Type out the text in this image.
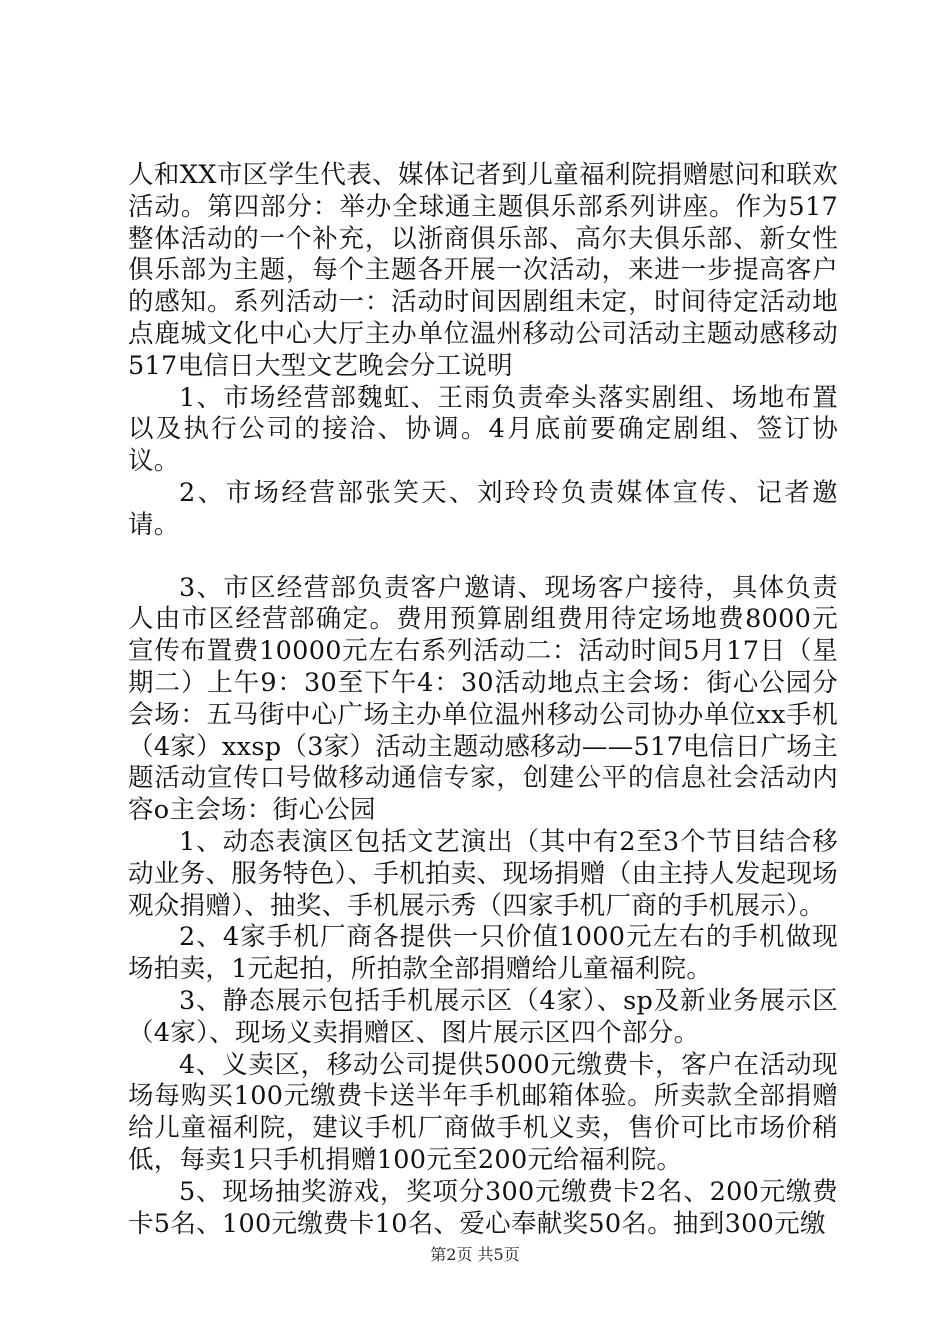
人和XX市区学生代表、媒体记者到儿童福利院捐赠慰问和联欢活动。第四部分：举办全球通主题俱乐部系列讲座。作为517整体活动的一个补充，以浙商俱乐部、高尔夫俱乐部、新女性俱乐部为主题，每个主题各开展一次活动，来进一步提高客户的感知。系列活动一：活动时间因剧组未定，时间待定活动地点鹿城文化中心大厅主办单位温州移动公司活动主题动感移动517电信日大型文艺晚会分工说明

1、市场经营部魏虹、王雨负责牵头落实剧组、场地布置以及执行公司的接洽、协调。4月底前要确定剧组、签订协议。

2、市场经营部张笑天、刘玲玲负责媒体宣传、记者邀请。

3、市区经营部负责客户邀请、现场客户接待，具体负责人由市区经营部确定。费用预算剧组费用待定场地费8000元宣传布置费10000元左右系列活动二：活动时间5月17日（星期二）上午9：30至下午4：30活动地点主会场：街心公园分会场：五马街中心广场主办单位温州移动公司协办单位xx手机（4家）xxsp（3家）活动主题动感移动——517电信日广场主题活动宣传口号做移动通信专家，创建公平的信息社会活动内容o主会场：街心公园

1、动态表演区包括文艺演出（其中有2至3个节目结合移动业务、服务特色）、手机拍卖、现场捐赠（由主持人发起现场观众捐赠）、抽奖、手机展示秀（四家手机厂商的手机展示）。

2、4家手机厂商各提供一只价值1000元左右的手机做现场拍卖，1元起拍，所拍款全部捐赠给儿童福利院。

3、静态展示包括手机展示区（4家）、sp及新业务展示区（4家）、现场义卖捐赠区、图片展示区四个部分。

4、义卖区，移动公司提供5000元缴费卡，客户在活动现场每购买100元缴费卡送半年手机邮箱体验。所卖款全部捐赠给儿童福利院，建议手机厂商做手机义卖，售价可比市场价稍低，每卖1只手机捐赠100元至200元给福利院。

5、现场抽奖游戏，奖项分300元缴费卡2名、200元缴费卡5名、100元缴费卡10名、爱心奉献奖50名。抽到300元缴

第2页 共5页
